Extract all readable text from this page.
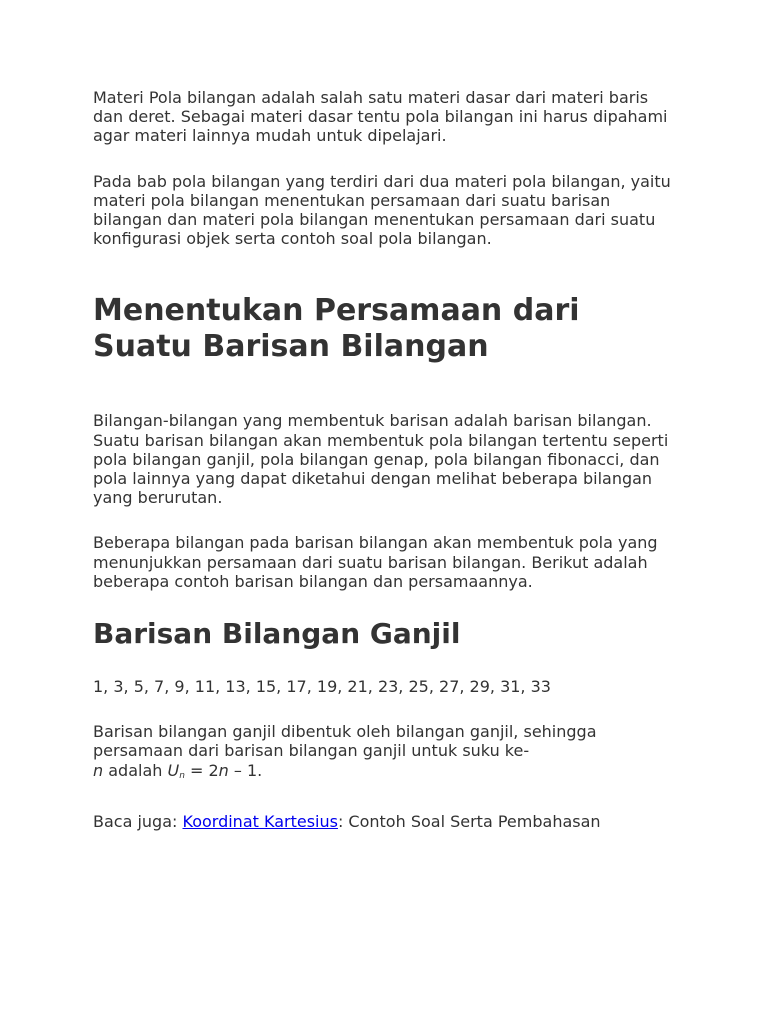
Materi Pola bilangan adalah salah satu materi dasar dari materi baris dan deret. Sebagai materi dasar tentu pola bilangan ini harus dipahami agar materi lainnya mudah untuk dipelajari.

Pada bab pola bilangan yang terdiri dari dua materi pola bilangan, yaitu materi pola bilangan menentukan persamaan dari suatu barisan bilangan dan materi pola bilangan menentukan persamaan dari suatu konfigurasi objek serta contoh soal pola bilangan.

Menentukan Persamaan dari Suatu Barisan Bilangan

Bilangan-bilangan yang membentuk barisan adalah barisan bilangan. Suatu barisan bilangan akan membentuk pola bilangan tertentu seperti pola bilangan ganjil, pola bilangan genap, pola bilangan fibonacci, dan pola lainnya yang dapat diketahui dengan melihat beberapa bilangan yang berurutan.

Beberapa bilangan pada barisan bilangan akan membentuk pola yang menunjukkan persamaan dari suatu barisan bilangan. Berikut adalah beberapa contoh barisan bilangan dan persamaannya.

Barisan Bilangan Ganjil

1, 3, 5, 7, 9, 11, 13, 15, 17, 19, 21, 23, 25, 27, 29, 31, 33

Barisan bilangan ganjil dibentuk oleh bilangan ganjil, sehingga persamaan dari barisan bilangan ganjil untuk suku ke-
n adalah $U_n = 2n - 1$.

Baca juga: Koordinat Kartesius: Contoh Soal Serta Pembahasan
